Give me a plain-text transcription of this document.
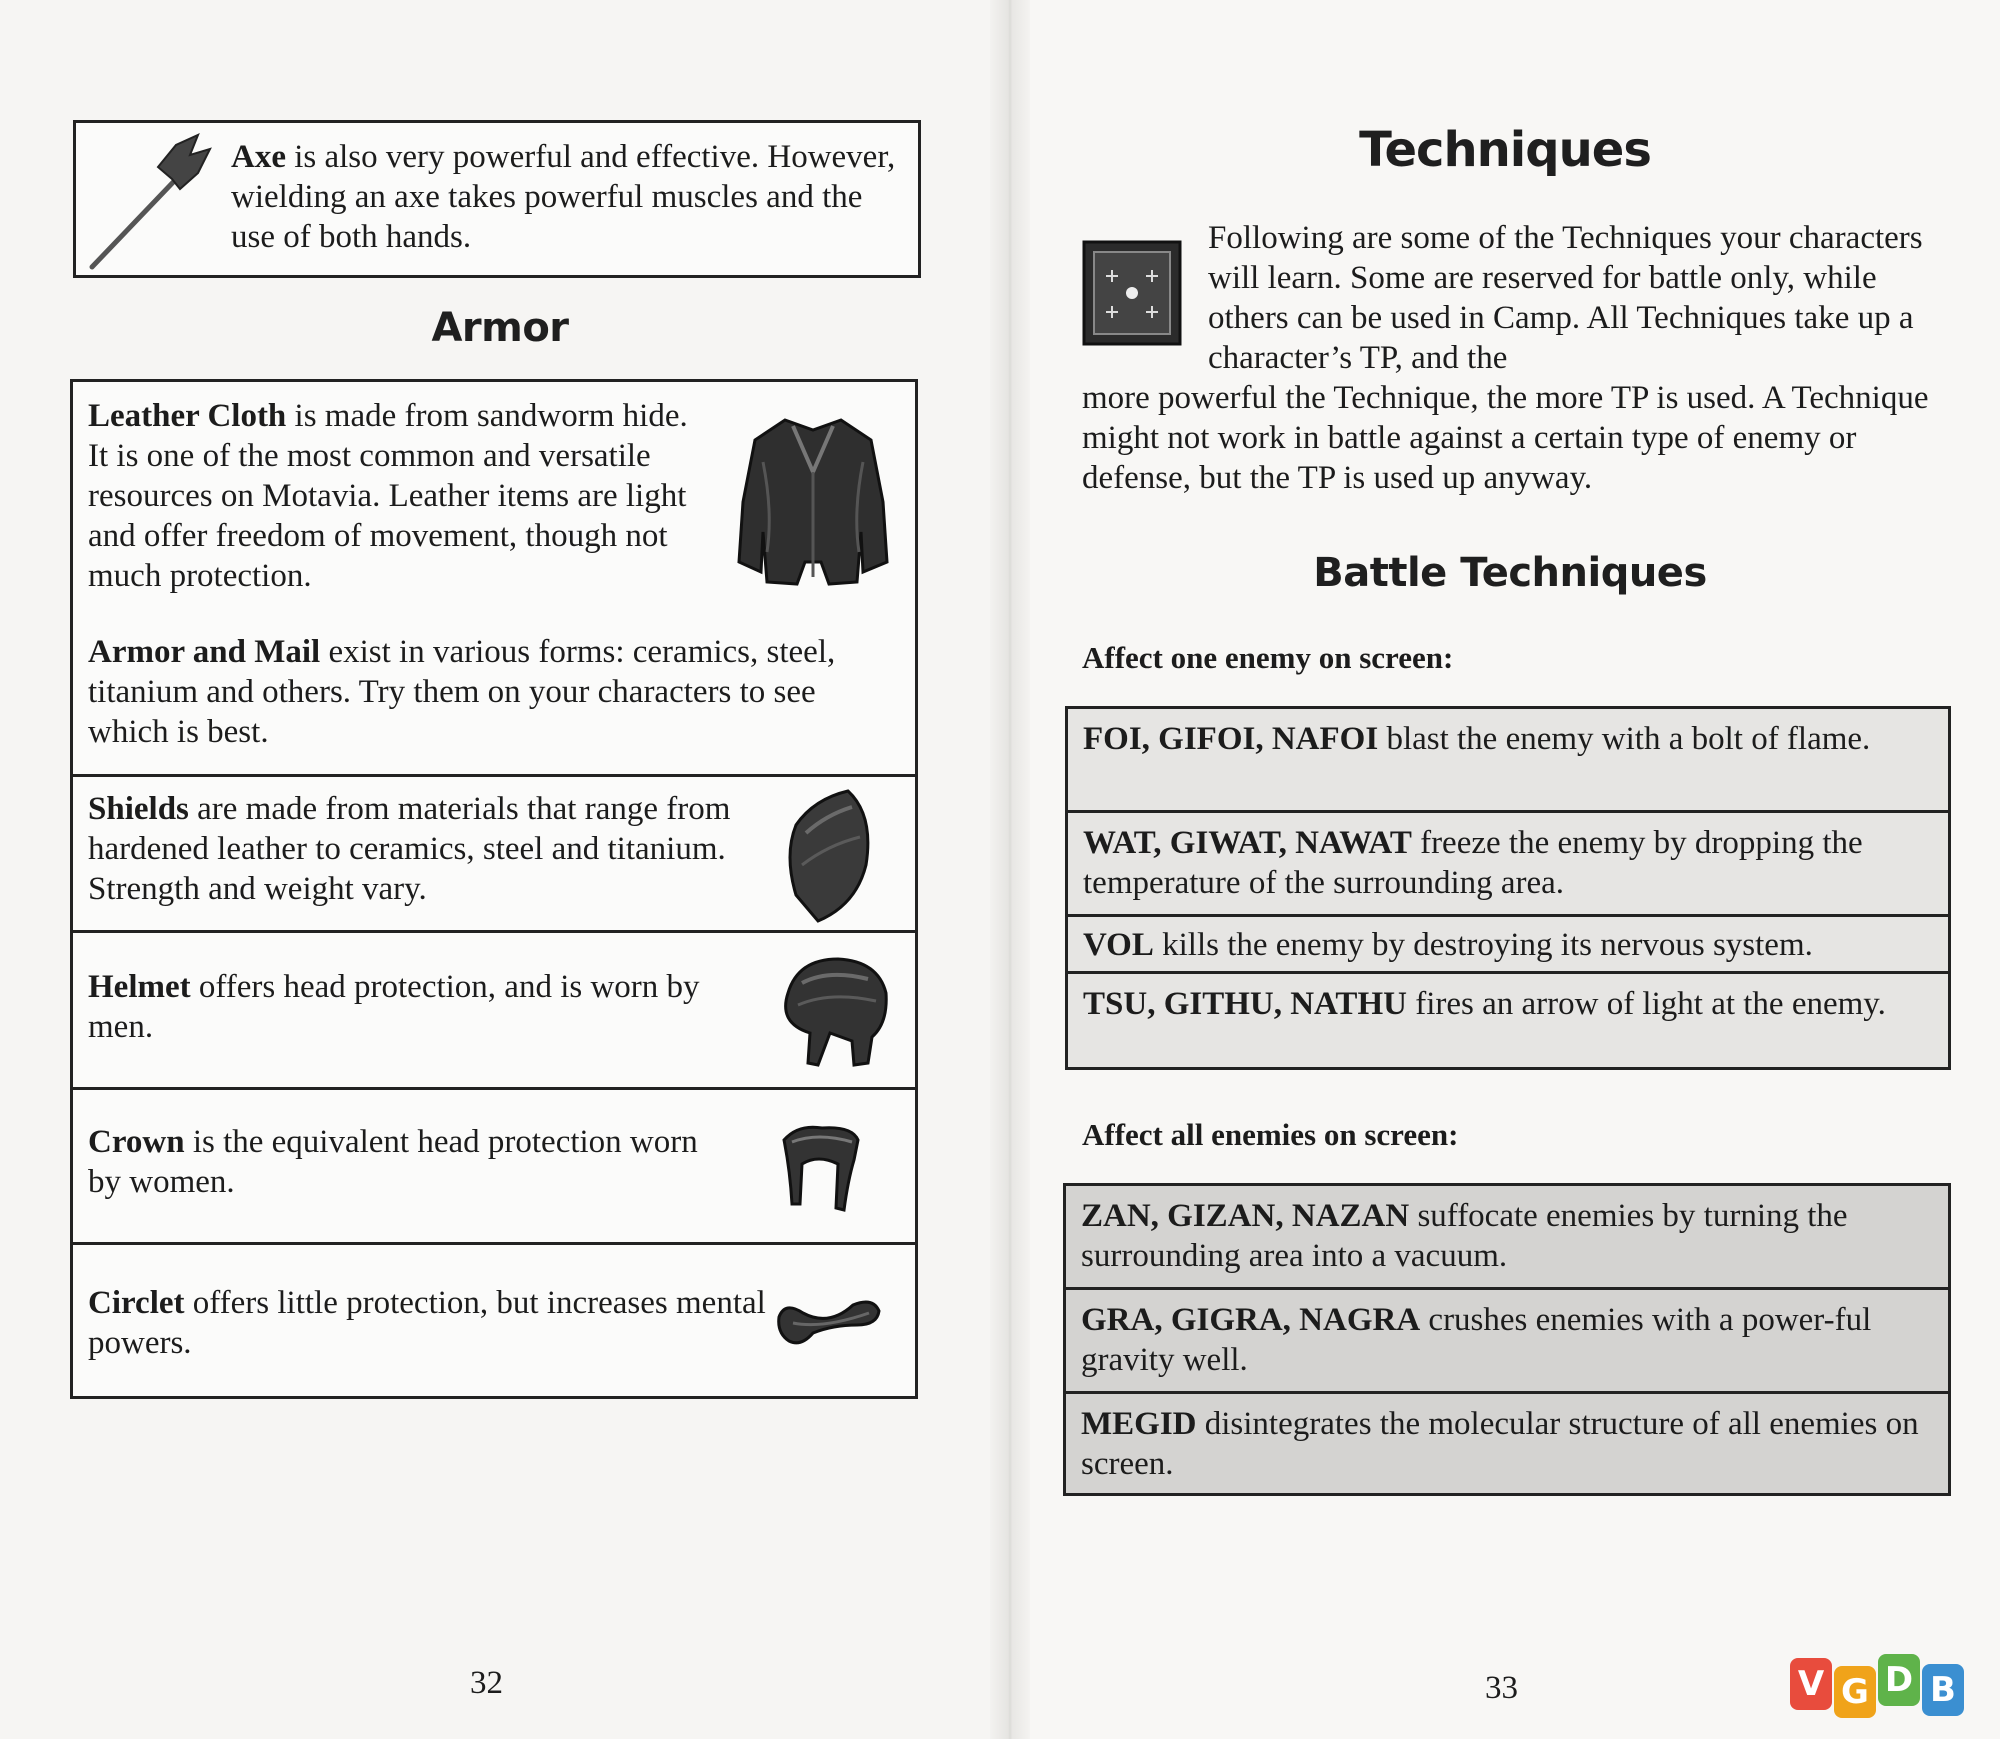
Axe is also very powerful and effective. However, wielding an axe takes powerful muscles and the use of both hands.
Armor
Leather Cloth is made from sandworm hide. It is one of the most common and versatile resources on Motavia. Leather items are light and offer freedom of movement, though not much protection.
Armor and Mail exist in various forms: ceramics, steel, titanium and others. Try them on your characters to see which is best.
Shields are made from materials that range from hardened leather to ceramics, steel and titanium. Strength and weight vary.
Helmet offers head protection, and is worn by men.
Crown is the equivalent head protection worn by women.
Circlet offers little protection, but increases mental powers.
32
Techniques
Following are some of the Techniques your characters will learn. Some are reserved for battle only, while others can be used in Camp. All Techniques take up a character’s TP, and the
more powerful the Technique, the more TP is used. A Technique might not work in battle against a certain type of enemy or defense, but the TP is used up anyway.
Battle Techniques
Affect one enemy on screen:
FOI, GIFOI, NAFOI blast the enemy with a bolt of flame.
WAT, GIWAT, NAWAT freeze the enemy by dropping the temperature of the surrounding area.
VOL kills the enemy by destroying its nervous system.
TSU, GITHU, NATHU fires an arrow of light at the enemy.
Affect all enemies on screen:
ZAN, GIZAN, NAZAN suffocate enemies by turning the surrounding area into a vacuum.
GRA, GIGRA, NAGRA crushes enemies with a power-ful gravity well.
MEGID disintegrates the molecular structure of all enemies on screen.
33	V G D B
